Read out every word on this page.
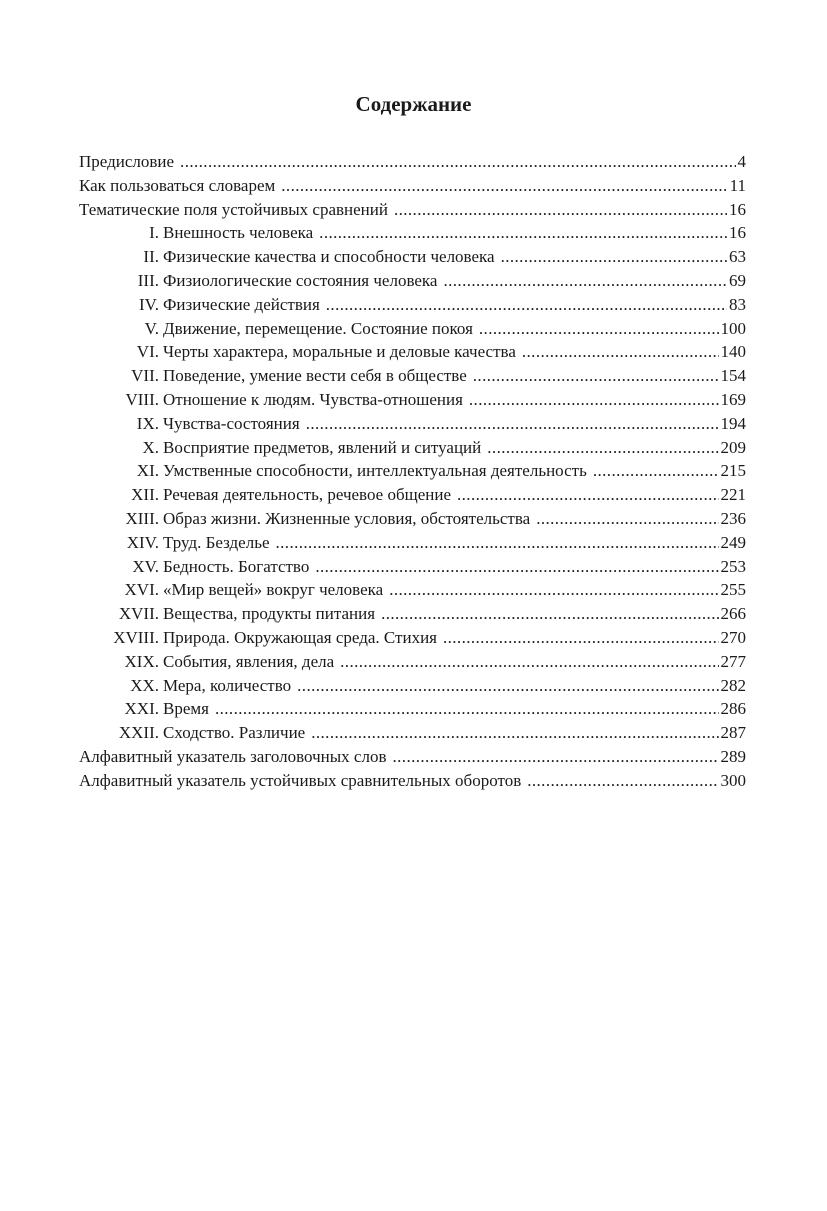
Содержание
Предисловие .....	4
Как пользоваться словарем .....	11
Тематические поля устойчивых сравнений .....	16
I. Внешность человека .....	16
II. Физические качества и способности человека .....	63
III. Физиологические состояния человека .....	69
IV. Физические действия .....	83
V. Движение, перемещение. Состояние покоя .....	100
VI. Черты характера, моральные и деловые качества .....	140
VII. Поведение, умение вести себя в обществе .....	154
VIII. Отношение к людям. Чувства-отношения .....	169
IX. Чувства-состояния .....	194
X. Восприятие предметов, явлений и ситуаций .....	209
XI. Умственные способности, интеллектуальная деятельность .....	215
XII. Речевая деятельность, речевое общение .....	221
XIII. Образ жизни. Жизненные условия, обстоятельства .....	236
XIV. Труд. Безделье .....	249
XV. Бедность. Богатство .....	253
XVI. «Мир вещей» вокруг человека .....	255
XVII. Вещества, продукты питания .....	266
XVIII. Природа. Окружающая среда. Стихия .....	270
XIX. События, явления, дела .....	277
XX. Мера, количество .....	282
XXI. Время .....	286
XXII. Сходство. Различие .....	287
Алфавитный указатель заголовочных слов .....	289
Алфавитный указатель устойчивых сравнительных оборотов .....	300
